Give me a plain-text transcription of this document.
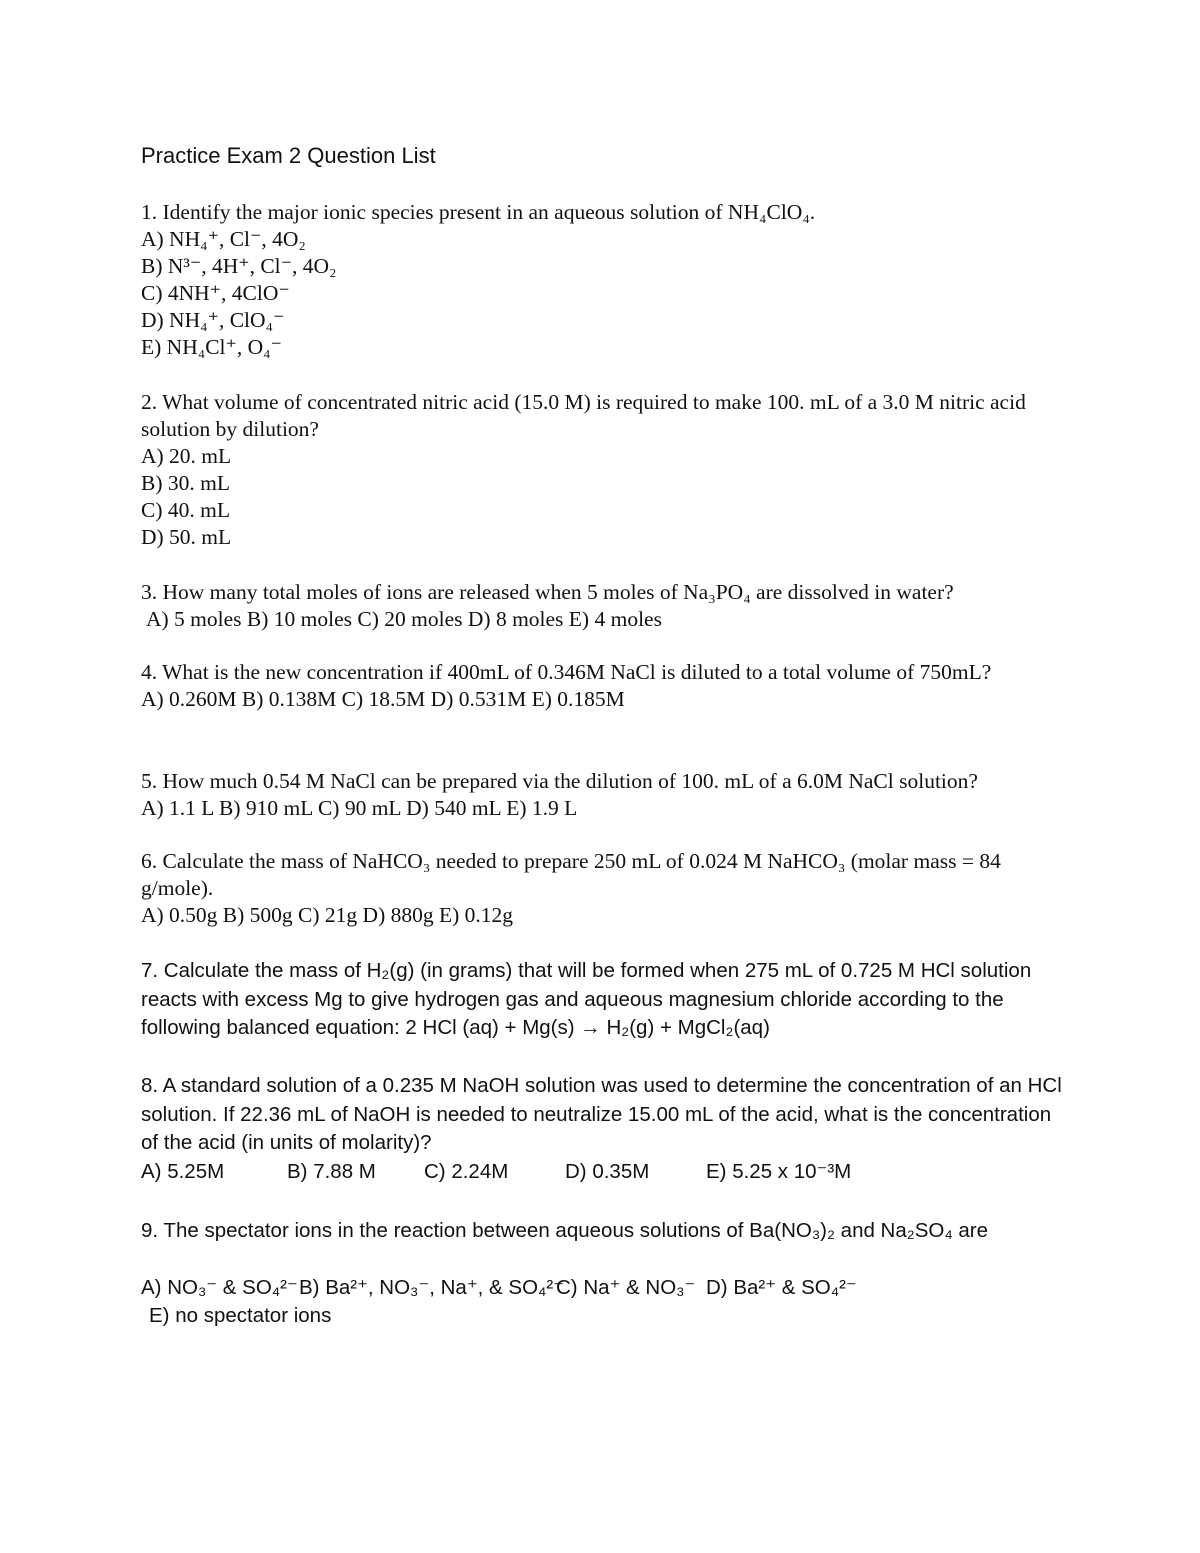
Practice Exam 2 Question List
1. Identify the major ionic species present in an aqueous solution of NH₄ClO₄.
A) NH₄⁺, Cl⁻, 4O₂
B) N³⁻, 4H⁺, Cl⁻, 4O₂
C) 4NH⁺, 4ClO⁻
D) NH₄⁺, ClO₄⁻
E) NH₄Cl⁺, O₄⁻
2. What volume of concentrated nitric acid (15.0 M) is required to make 100. mL of a 3.0 M nitric acid solution by dilution?
A) 20. mL
B) 30. mL
C) 40. mL
D) 50. mL
3. How many total moles of ions are released when 5 moles of Na₃PO₄ are dissolved in water?
A) 5 moles B) 10 moles C) 20 moles D) 8 moles E) 4 moles
4. What is the new concentration if 400mL of 0.346M NaCl is diluted to a total volume of 750mL?
A) 0.260M B) 0.138M C) 18.5M D) 0.531M E) 0.185M
5. How much 0.54 M NaCl can be prepared via the dilution of 100. mL of a 6.0M NaCl solution?
A) 1.1 L B) 910 mL C) 90 mL D) 540 mL E) 1.9 L
6. Calculate the mass of NaHCO₃ needed to prepare 250 mL of 0.024 M NaHCO₃ (molar mass = 84 g/mole).
A) 0.50g B) 500g C) 21g D) 880g E) 0.12g
7. Calculate the mass of H₂(g) (in grams) that will be formed when 275 mL of 0.725 M HCl solution reacts with excess Mg to give hydrogen gas and aqueous magnesium chloride according to the following balanced equation: 2 HCl (aq) + Mg(s) → H₂(g) + MgCl₂(aq)
8. A standard solution of a 0.235 M NaOH solution was used to determine the concentration of an HCl solution. If 22.36 mL of NaOH is needed to neutralize 15.00 mL of the acid, what is the concentration of the acid (in units of molarity)?
A) 5.25M	B) 7.88 M C) 2.24M	D) 0.35M	E) 5.25 x 10⁻³M
9. The spectator ions in the reaction between aqueous solutions of Ba(NO₃)₂ and Na₂SO₄ are
A) NO₃⁻ & SO₄²⁻B) Ba²⁺, NO₃⁻, Na⁺, & SO₄²⁻C) Na⁺ & NO₃⁻ D) Ba²⁺ & SO₄²⁻
E) no spectator ions
